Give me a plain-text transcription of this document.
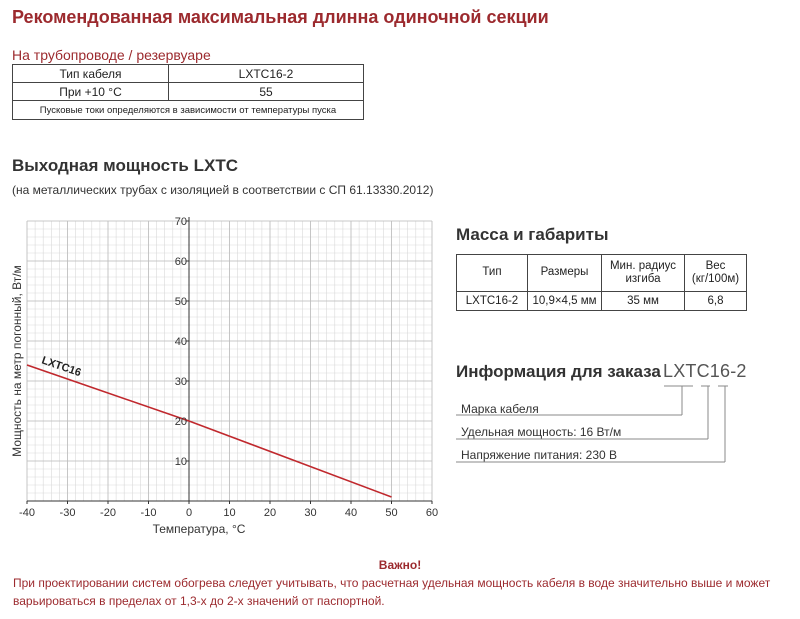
Рекомендованная максимальная длинна одиночной секции
На трубопроводе / резервуаре
Тип кабеля	LXTC16-2
При +10 °C	55
Пусковые токи определяются в зависимости от температуры пуска	
Выходная мощность LXTC
(на металлических трубах с изоляцией в соответствии с СП 61.13330.2012)
-40 -30 -20 -10	0	10	20	30	40	50	60
10
20
30
40
50
60
70
Температура, °C
Мощность на метр погонный, Вт/м LXTC16
Масса и габариты
Тип	Размеры	Мин. радиус изгиба	Вес (кг/100м)
LXTC16-2	10,9×4,5 мм	35 мм	6,8
Информация для заказа LXTC16-2
Марка кабеля
Удельная мощность: 16 Вт/м
Напряжение питания: 230 В
Важно!
При проектировании систем обогрева следует учитывать, что расчетная удельная мощность кабеля в воде значительно выше и может варьироваться в пределах от 1,3-х до 2-х значений от паспортной.
